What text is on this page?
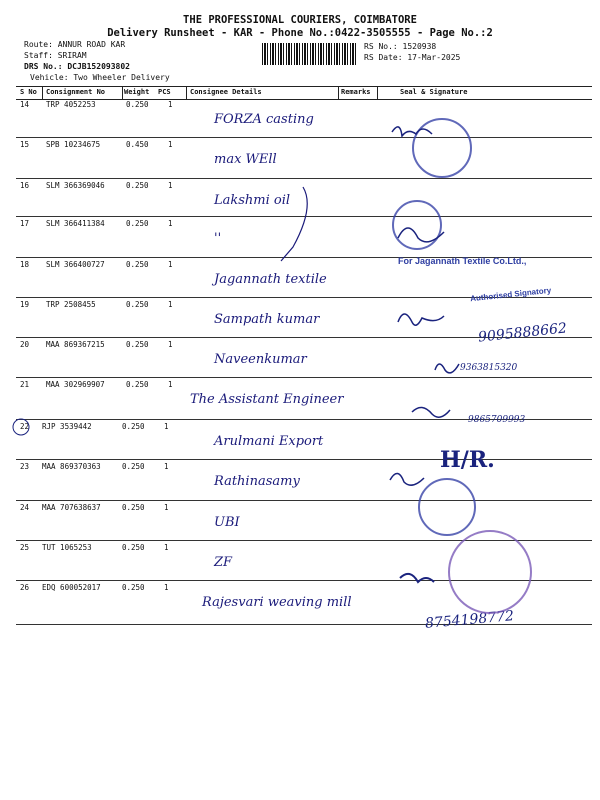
THE PROFESSIONAL COURIERS, COIMBATORE
Delivery Runsheet - KAR - Phone No.:0422-3505555 - Page No.:2
Route: ANNUR ROAD KAR
Staff: SRIRAM
DRS No.: DCJB152093802
Vehicle: Two Wheeler Delivery
RS No.: 1520938
RS Date: 17-Mar-2025
S No Consignment No	Weight PCS	Consignee Details	Remarks	Seal & Signature
14 TRP 4052253	0.250	1
FORZA casting
15 SPB 10234675	0.450	1
max WEll
16 SLM 366369046	0.250	1
Lakshmi oil
17 SLM 366411384	0.250	1
''
18 SLM 366400727	0.250	1
Jagannath textile
19 TRP 2508455	0.250	1
Sampath kumar
20 MAA 869367215	0.250	1
Naveenkumar
21 MAA 302969907	0.250	1
The Assistant Engineer
22 RJP 3539442	0.250	1
Arulmani Export
23 MAA 869370363	0.250	1
Rathinasamy
24 MAA 707638637	0.250	1
UBI
25 TUT 1065253	0.250	1
ZF
26 EDQ 600052017	0.250	1
Rajesvari weaving mill
For Jagannath Textile Co.Ltd.,
Authorised Signatory
9095888662
9363815320
9865709993
H/R.
8754198772
